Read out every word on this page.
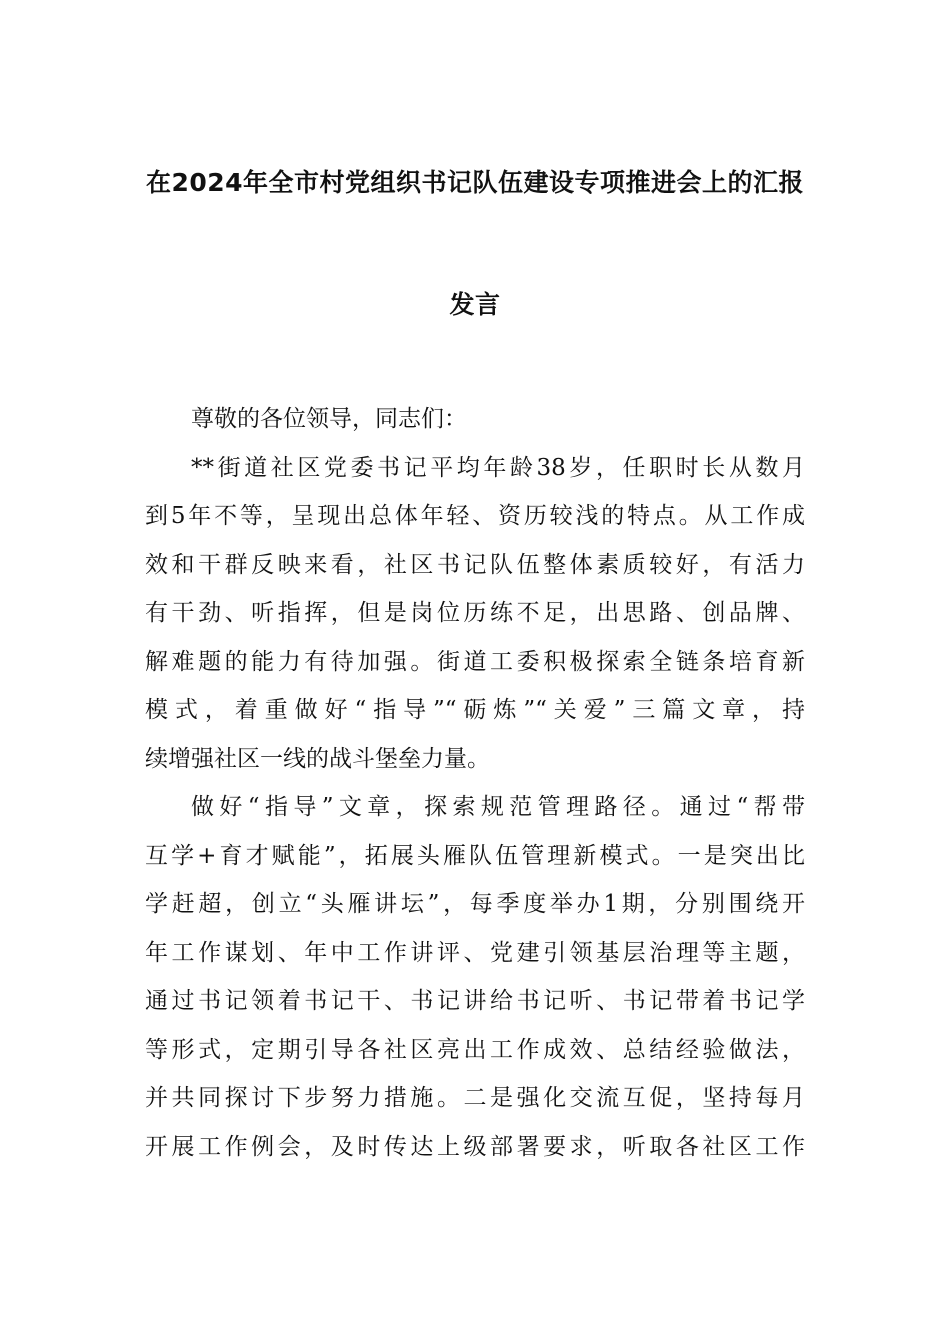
在2024年全市村党组织书记队伍建设专项推进会上的汇报
发言
尊敬的各位领导，同志们：
**街道社区党委书记平均年龄38岁，任职时长从数月
到5年不等，呈现出总体年轻、资历较浅的特点。从工作成
效和干群反映来看，社区书记队伍整体素质较好，有活力
有干劲、听指挥，但是岗位历练不足，出思路、创品牌、
解难题的能力有待加强。街道工委积极探索全链条培育新
模式，着重做好“指导”“砺炼”“关爱”三篇文章，持
续增强社区一线的战斗堡垒力量。
做好“指导”文章，探索规范管理路径。通过“帮带
互学+育才赋能”，拓展头雁队伍管理新模式。一是突出比
学赶超，创立“头雁讲坛”，每季度举办1期，分别围绕开
年工作谋划、年中工作讲评、党建引领基层治理等主题，
通过书记领着书记干、书记讲给书记听、书记带着书记学
等形式，定期引导各社区亮出工作成效、总结经验做法，
并共同探讨下步努力措施。二是强化交流互促，坚持每月
开展工作例会，及时传达上级部署要求，听取各社区工作
